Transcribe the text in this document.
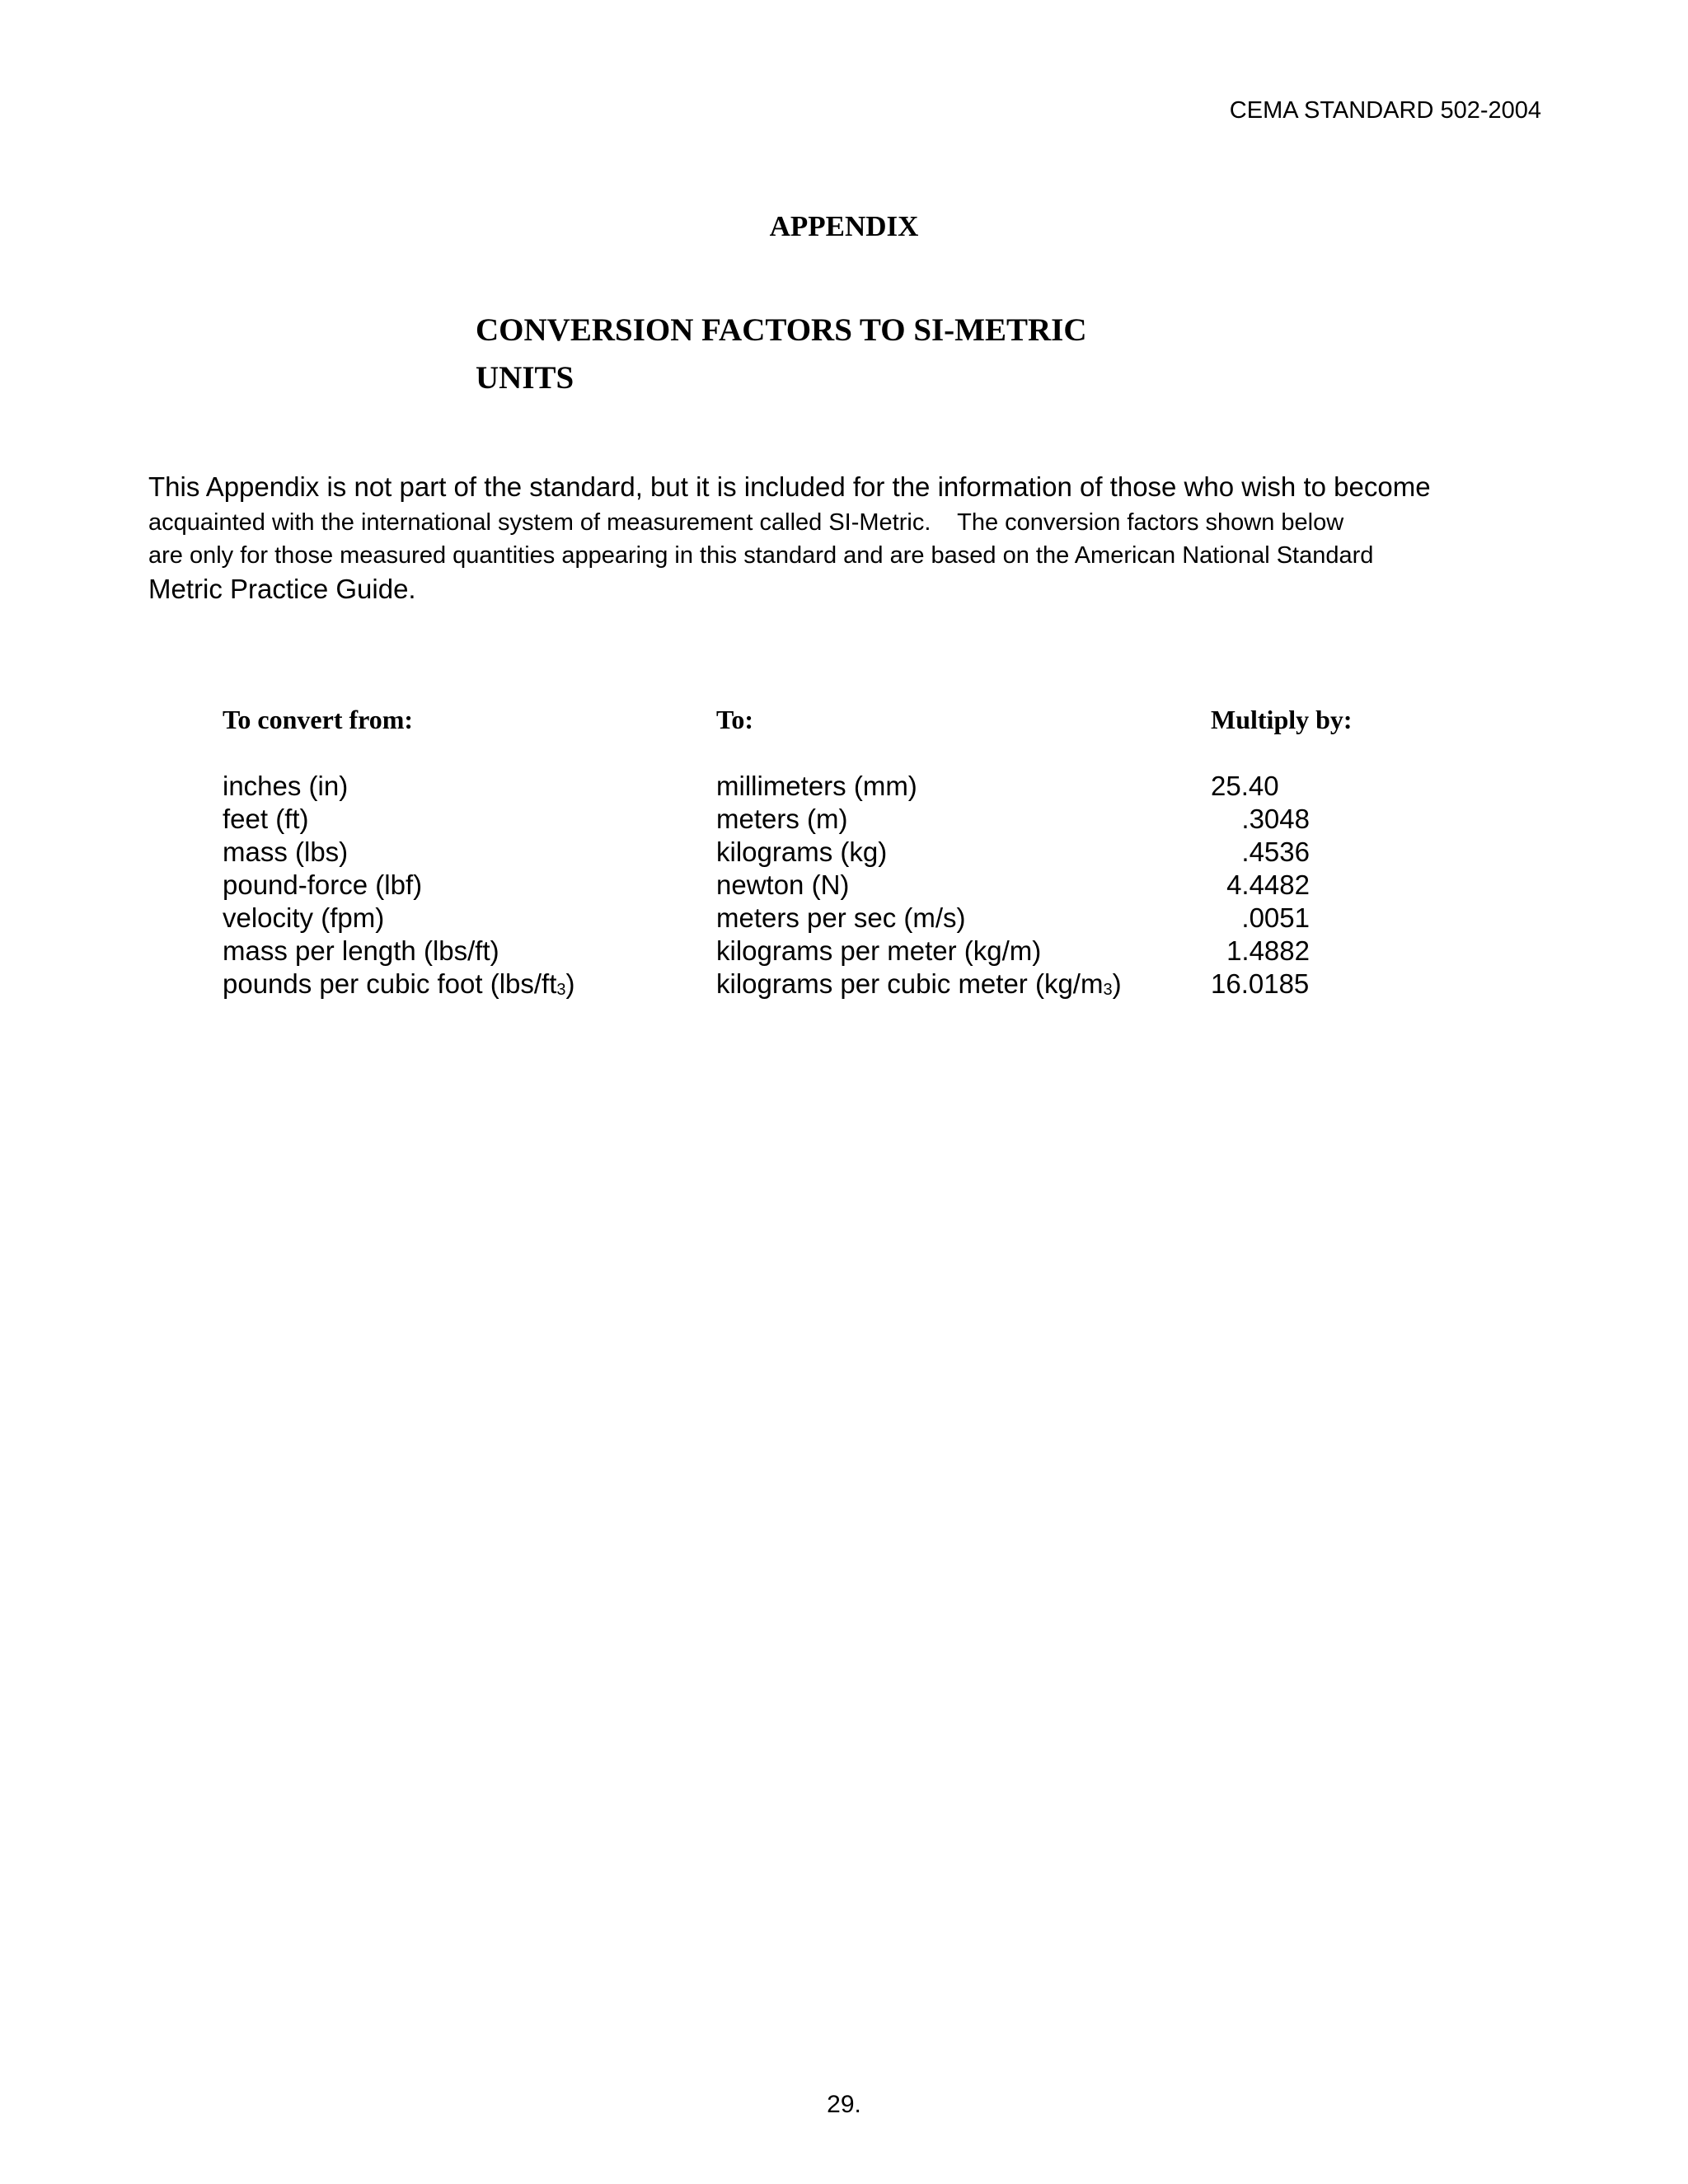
CEMA STANDARD 502-2004
APPENDIX
CONVERSION FACTORS TO SI-METRIC
UNITS
This Appendix is not part of the standard, but it is included for the information of those who wish to become
acquainted with the international system of measurement called SI-Metric.    The conversion factors shown below
are only for those measured quantities appearing in this standard and are based on the American National Standard
Metric Practice Guide.
To convert from:	To:	Multiply by:
inches (in)	millimeters (mm)	25.40
feet (ft)	meters (m)	.3048
mass (lbs)	kilograms (kg)	.4536
pound-force (lbf)	newton (N)	4.4482
velocity (fpm)	meters per sec (m/s)	.0051
mass per length (lbs/ft)	kilograms per meter (kg/m)	1.4882
pounds per cubic foot $(lbs/ft_3)$	kilograms per cubic meter $(kg/m_3)$	16.0185
29.
